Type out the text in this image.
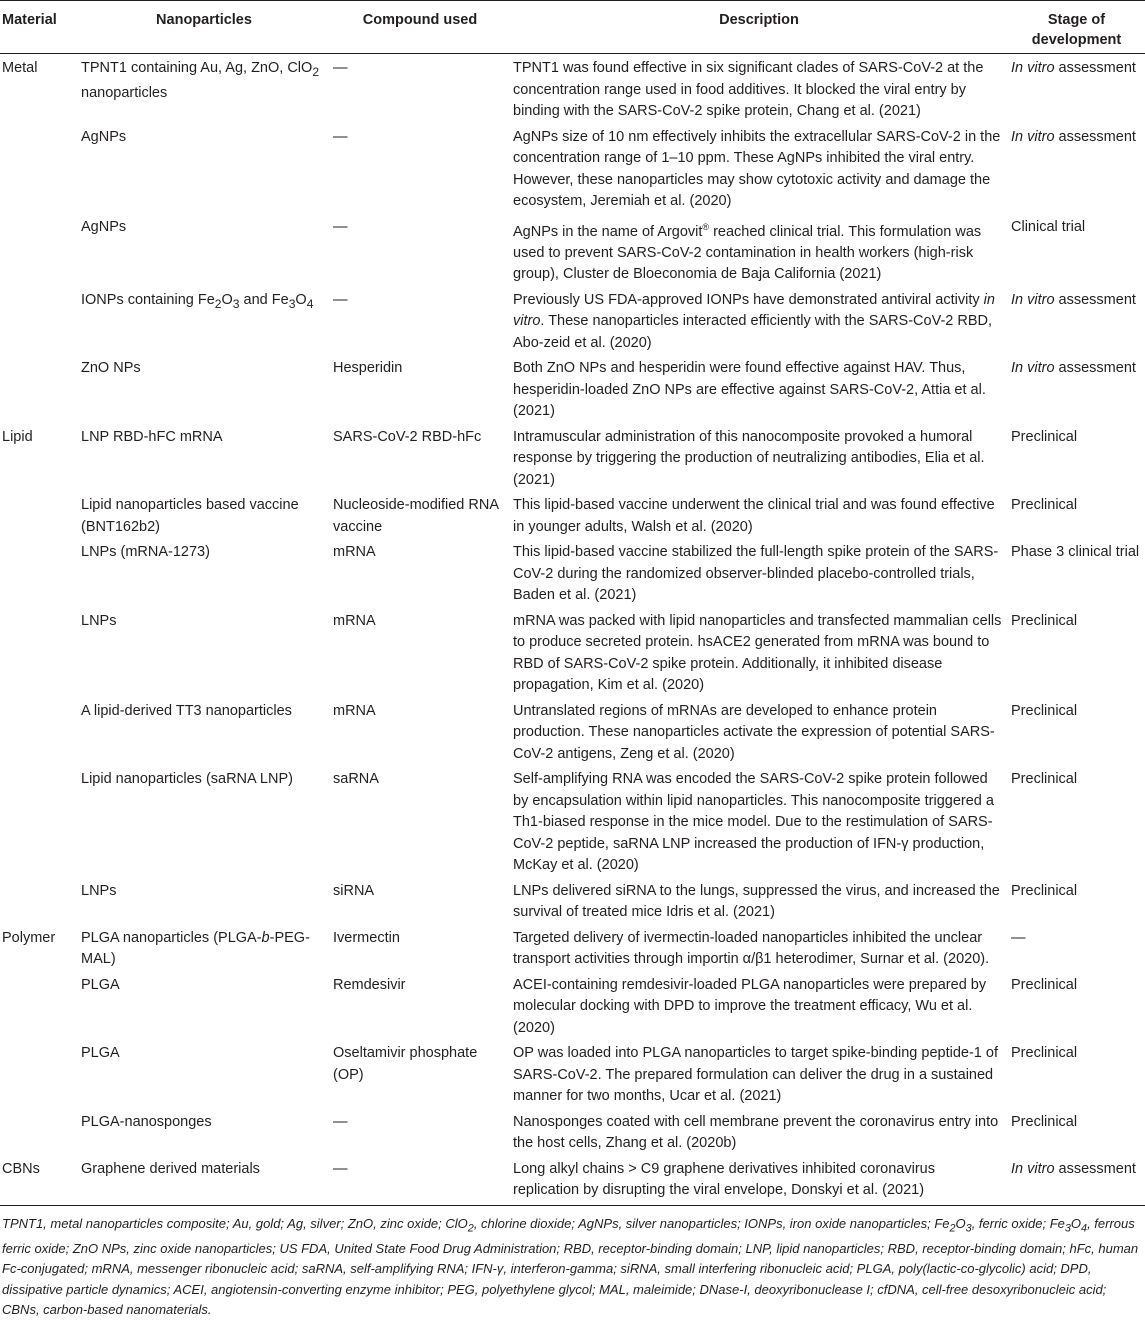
Material	Nanoparticles	Compound used	Description	Stage of development
Metal	TPNT1 containing Au, Ag, ZnO, ClO$_2$ nanoparticles	—	TPNT1 was found effective in six significant clades of SARS-CoV-2 at the concentration range used in food additives. It blocked the viral entry by binding with the SARS-CoV-2 spike protein, Chang et al. (2021)	In vitro assessment
	AgNPs	—	AgNPs size of 10 nm effectively inhibits the extracellular SARS-CoV-2 in the concentration range of 1–10 ppm. These AgNPs inhibited the viral entry. However, these nanoparticles may show cytotoxic activity and damage the ecosystem, Jeremiah et al. (2020)	In vitro assessment
	AgNPs	—	AgNPs in the name of Argovit® reached clinical trial. This formulation was used to prevent SARS-CoV-2 contamination in health workers (high-risk group), Cluster de Bloeconomia de Baja California (2021)	Clinical trial
	IONPs containing $Fe_2O_3$ and $Fe_3O_4$	—	Previously US FDA-approved IONPs have demonstrated antiviral activity in vitro. These nanoparticles interacted efficiently with the SARS-CoV-2 RBD, Abo-zeid et al. (2020)	In vitro assessment
	ZnO NPs	Hesperidin	Both ZnO NPs and hesperidin were found effective against HAV. Thus, hesperidin-loaded ZnO NPs are effective against SARS-CoV-2, Attia et al. (2021)	In vitro assessment
Lipid	LNP RBD-hFC mRNA	SARS-CoV-2 RBD-hFc	Intramuscular administration of this nanocomposite provoked a humoral response by triggering the production of neutralizing antibodies, Elia et al. (2021)	Preclinical
	Lipid nanoparticles based vaccine (BNT162b2)	Nucleoside-modified RNA vaccine	This lipid-based vaccine underwent the clinical trial and was found effective in younger adults, Walsh et al. (2020)	Preclinical
	LNPs (mRNA-1273)	mRNA	This lipid-based vaccine stabilized the full-length spike protein of the SARS-CoV-2 during the randomized observer-blinded placebo-controlled trials, Baden et al. (2021)	Phase 3 clinical trial
	LNPs	mRNA	mRNA was packed with lipid nanoparticles and transfected mammalian cells to produce secreted protein. hsACE2 generated from mRNA was bound to RBD of SARS-CoV-2 spike protein. Additionally, it inhibited disease propagation, Kim et al. (2020)	Preclinical
	A lipid-derived TT3 nanoparticles	mRNA	Untranslated regions of mRNAs are developed to enhance protein production. These nanoparticles activate the expression of potential SARS-CoV-2 antigens, Zeng et al. (2020)	Preclinical
	Lipid nanoparticles (saRNA LNP)	saRNA	Self-amplifying RNA was encoded the SARS-CoV-2 spike protein followed by encapsulation within lipid nanoparticles. This nanocomposite triggered a Th1-biased response in the mice model. Due to the restimulation of SARS-CoV-2 peptide, saRNA LNP increased the production of IFN-γ production, McKay et al. (2020)	Preclinical
	LNPs	siRNA	LNPs delivered siRNA to the lungs, suppressed the virus, and increased the survival of treated mice Idris et al. (2021)	Preclinical
Polymer	PLGA nanoparticles (PLGA-b-PEG-MAL)	Ivermectin	Targeted delivery of ivermectin-loaded nanoparticles inhibited the unclear transport activities through importin α/β1 heterodimer, Surnar et al. (2020).	—
	PLGA	Remdesivir	ACEI-containing remdesivir-loaded PLGA nanoparticles were prepared by molecular docking with DPD to improve the treatment efficacy, Wu et al. (2020)	Preclinical
	PLGA	Oseltamivir phosphate (OP)	OP was loaded into PLGA nanoparticles to target spike-binding peptide-1 of SARS-CoV-2. The prepared formulation can deliver the drug in a sustained manner for two months, Ucar et al. (2021)	Preclinical
	PLGA-nanosponges	—	Nanosponges coated with cell membrane prevent the coronavirus entry into the host cells, Zhang et al. (2020b)	Preclinical
CBNs	Graphene derived materials	—	Long alkyl chains > C9 graphene derivatives inhibited coronavirus replication by disrupting the viral envelope, Donskyi et al. (2021)	In vitro assessment
TPNT1, metal nanoparticles composite; Au, gold; Ag, silver; ZnO, zinc oxide; ClO$_2$, chlorine dioxide; AgNPs, silver nanoparticles; IONPs, iron oxide nanoparticles; $Fe_2O_3$, ferric oxide; $Fe_3O_4$, ferrous ferric oxide; ZnO NPs, zinc oxide nanoparticles; US FDA, United State Food Drug Administration; RBD, receptor-binding domain; LNP, lipid nanoparticles; RBD, receptor-binding domain; hFc, human Fc-conjugated; mRNA, messenger ribonucleic acid; saRNA, self-amplifying RNA; IFN-γ, interferon-gamma; siRNA, small interfering ribonucleic acid; PLGA, poly(lactic-co-glycolic) acid; DPD, dissipative particle dynamics; ACEI, angiotensin-converting enzyme inhibitor; PEG, polyethylene glycol; MAL, maleimide; DNase-I, deoxyribonuclease I; cfDNA, cell-free desoxyribonucleic acid; CBNs, carbon-based nanomaterials.
